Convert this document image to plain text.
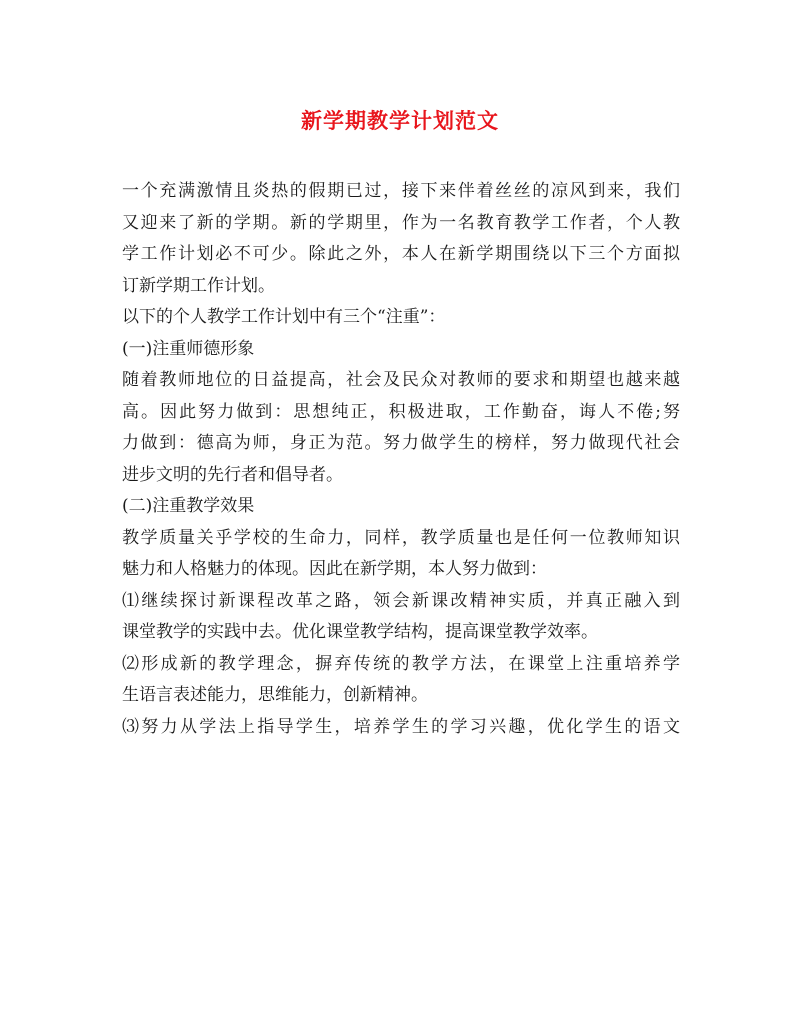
新学期教学计划范文
一个充满激情且炎热的假期已过，接下来伴着丝丝的凉风到来，我们
又迎来了新的学期。新的学期里，作为一名教育教学工作者，个人教
学工作计划必不可少。除此之外，本人在新学期围绕以下三个方面拟
订新学期工作计划。
以下的个人教学工作计划中有三个“注重”：
(一)注重师德形象
随着教师地位的日益提高，社会及民众对教师的要求和期望也越来越
高。因此努力做到：思想纯正，积极进取，工作勤奋，诲人不倦;努
力做到：德高为师，身正为范。努力做学生的榜样，努力做现代社会
进步文明的先行者和倡导者。
(二)注重教学效果
教学质量关乎学校的生命力，同样，教学质量也是任何一位教师知识
魅力和人格魅力的体现。因此在新学期，本人努力做到：
⑴继续探讨新课程改革之路，领会新课改精神实质，并真正融入到
课堂教学的实践中去。优化课堂教学结构，提高课堂教学效率。
⑵形成新的教学理念，摒弃传统的教学方法，在课堂上注重培养学
生语言表述能力，思维能力，创新精神。
⑶努力从学法上指导学生，培养学生的学习兴趣，优化学生的语文
